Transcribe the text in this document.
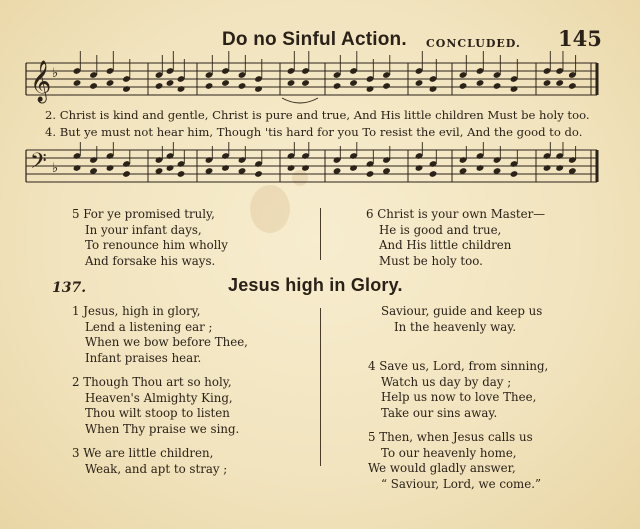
Do no Sinful Action. CONCLUDED. 145
𝄞
𝄢
♭
♭
2. Christ is kind and gentle, Christ is pure and true, And His little children Must be holy too.
4. But ye must not hear him, Though 'tis hard for you To resist the evil, And the good to do.
5 For ye promised truly,
In your infant days,
To renounce him wholly
And forsake his ways.
6 Christ is your own Master—
He is good and true,
And His little children
Must be holy too.
137.	Jesus high in Glory.
1 Jesus, high in glory,
Lend a listening ear ;
When we bow before Thee,
Infant praises hear.
2 Though Thou art so holy,
Heaven's Almighty King,
Thou wilt stoop to listen
When Thy praise we sing.
3 We are little children,
Weak, and apt to stray ;
Saviour, guide and keep us
In the heavenly way.
4 Save us, Lord, from sinning,
Watch us day by day ;
Help us now to love Thee,
Take our sins away.
5 Then, when Jesus calls us
To our heavenly home,
We would gladly answer,
“ Saviour, Lord, we come.”
